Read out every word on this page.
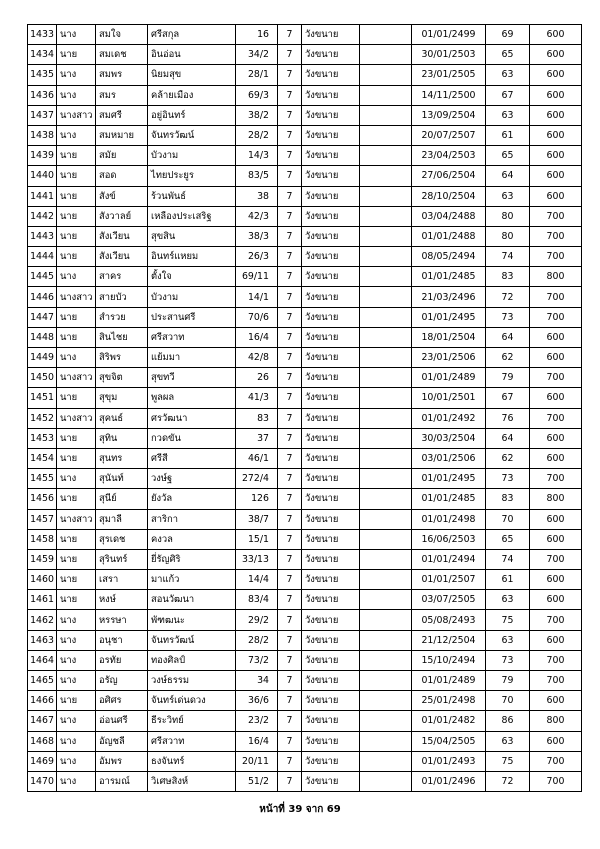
1433	นาง	สมใจ	ศรีสกุล	16	7	วังขนาย		01/01/2499	69	600
1434	นาย	สมเดช	อินอ่อน	34/2	7	วังขนาย		30/01/2503	65	600
1435	นาง	สมพร	นิยมสุข	28/1	7	วังขนาย		23/01/2505	63	600
1436	นาง	สมร	คล้ายเมือง	69/3	7	วังขนาย		14/11/2500	67	600
1437	นางสาว	สมศรี	อยู่อินทร์	38/2	7	วังขนาย		13/09/2504	63	600
1438	นาง	สมหมาย	จันทรวัฒน์	28/2	7	วังขนาย		20/07/2507	61	600
1439	นาย	สมัย	บัวงาม	14/3	7	วังขนาย		23/04/2503	65	600
1440	นาย	สอด	ไทยประยูร	83/5	7	วังขนาย		27/06/2504	64	600
1441	นาย	สังข์	ร้วนพันธ์	38	7	วังขนาย		28/10/2504	63	600
1442	นาย	สังวาลย์	เหลืองประเสริฐ	42/3	7	วังขนาย		03/04/2488	80	700
1443	นาย	สังเวียน	สุขสิน	38/3	7	วังขนาย		01/01/2488	80	700
1444	นาย	สังเวียน	อินทร์แหยม	26/3	7	วังขนาย		08/05/2494	74	700
1445	นาง	สาคร	ตั้งใจ	69/11	7	วังขนาย		01/01/2485	83	800
1446	นางสาว	สายบัว	บัวงาม	14/1	7	วังขนาย		21/03/2496	72	700
1447	นาย	สำรวย	ประสานศรี	70/6	7	วังขนาย		01/01/2495	73	700
1448	นาย	สินไชย	ศรีสวาท	16/4	7	วังขนาย		18/01/2504	64	600
1449	นาง	สิริพร	แย้มมา	42/8	7	วังขนาย		23/01/2506	62	600
1450	นางสาว	สุขจิต	สุขทวี	26	7	วังขนาย		01/01/2489	79	700
1451	นาย	สุขุม	พูลผล	41/3	7	วังขนาย		10/01/2501	67	600
1452	นางสาว	สุคนธ์	ศรวัฒนา	83	7	วังขนาย		01/01/2492	76	700
1453	นาย	สุทิน	กวดขัน	37	7	วังขนาย		30/03/2504	64	600
1454	นาย	สุนทร	ศรีสี	46/1	7	วังขนาย		03/01/2506	62	600
1455	นาง	สุนันท์	วงษ์ฐ	272/4	7	วังขนาย		01/01/2495	73	700
1456	นาย	สุนีย์	ยังวัล	126	7	วังขนาย		01/01/2485	83	800
1457	นางสาว	สุมาลี	สาริกา	38/7	7	วังขนาย		01/01/2498	70	600
1458	นาย	สุรเดช	คงวล	15/1	7	วังขนาย		16/06/2503	65	600
1459	นาย	สุรินทร์	ยี่รัญศิริ	33/13	7	วังขนาย		01/01/2494	74	700
1460	นาย	เสรา	มาแก้ว	14/4	7	วังขนาย		01/01/2507	61	600
1461	นาย	หงษ์	สอนวัฒนา	83/4	7	วังขนาย		03/07/2505	63	600
1462	นาง	หรรษา	พัฑฒนะ	29/2	7	วังขนาย		05/08/2493	75	700
1463	นาง	อนุชา	จันทรวัฒน์	28/2	7	วังขนาย		21/12/2504	63	600
1464	นาง	อรทัย	ทองศิลป์	73/2	7	วังขนาย		15/10/2494	73	700
1465	นาง	อรัญ	วงษ์ธรรม	34	7	วังขนาย		01/01/2489	79	700
1466	นาย	อศิศร	จันทร์เด่นดวง	36/6	7	วังขนาย		25/01/2498	70	600
1467	นาง	อ่อนศรี	ธีระวิทย์	23/2	7	วังขนาย		01/01/2482	86	800
1468	นาง	อัญชลี	ศรีสวาท	16/4	7	วังขนาย		15/04/2505	63	600
1469	นาง	อัมพร	ธงจันทร์	20/11	7	วังขนาย		01/01/2493	75	700
1470	นาง	อารมณ์	วิเศษสิงห์	51/2	7	วังขนาย		01/01/2496	72	700
หน้าที่ 39 จาก 69
